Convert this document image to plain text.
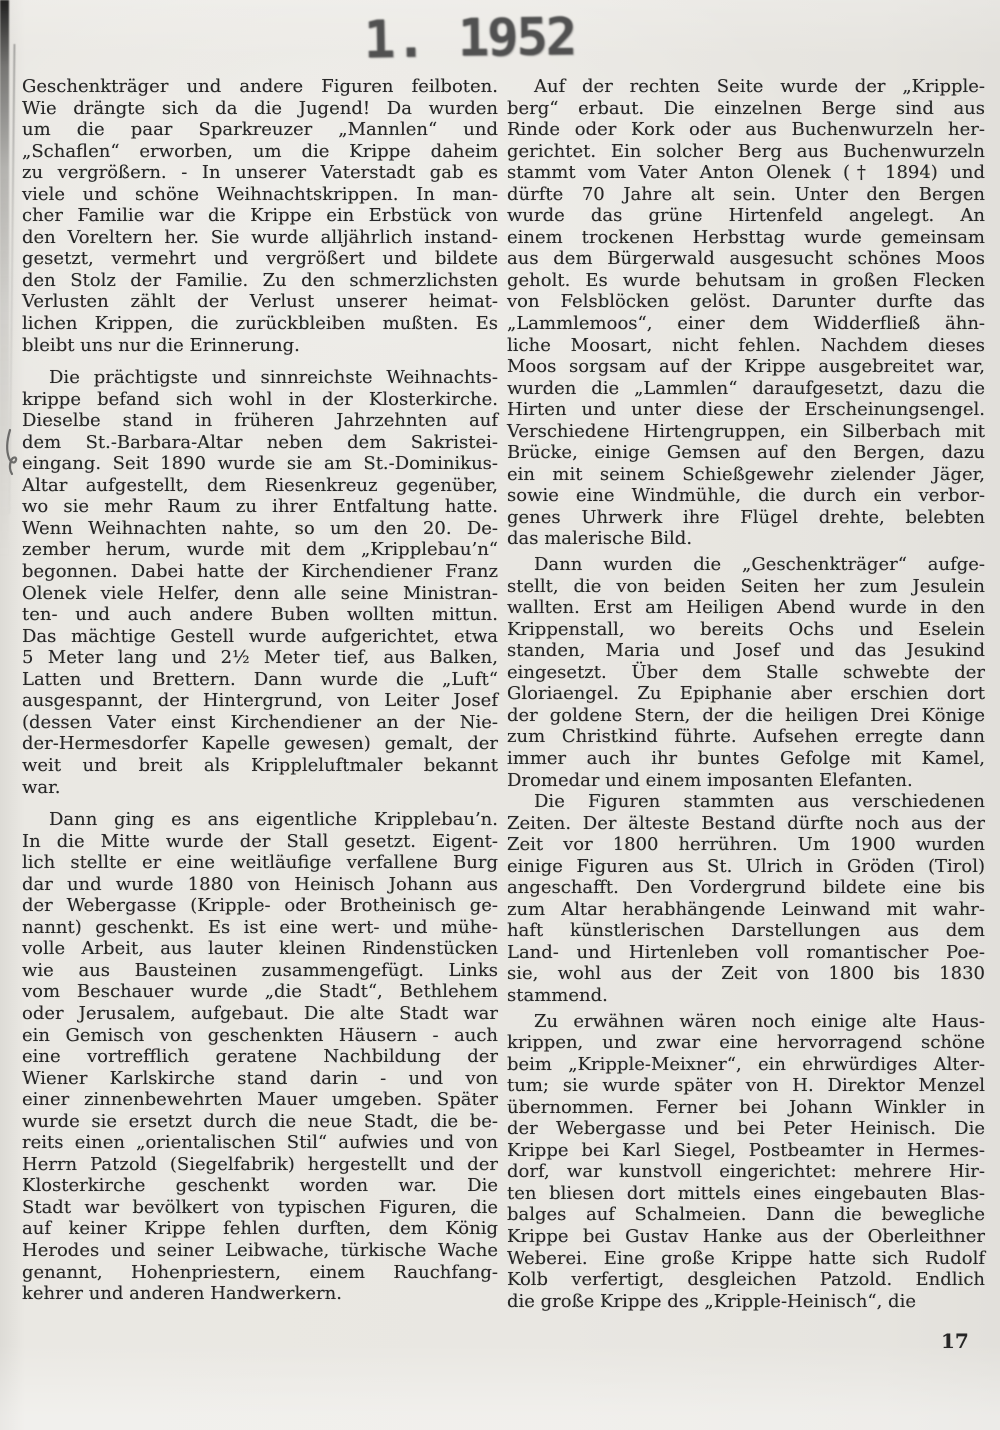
1. 1952
Geschenkträger und andere Figuren feilboten.
Wie drängte sich da die Jugend! Da wurden
um die paar Sparkreuzer „Mannlen“ und
„Schaflen“ erworben, um die Krippe daheim
zu vergrößern. - In unserer Vaterstadt gab es
viele und schöne Weihnachtskrippen. In man-
cher Familie war die Krippe ein Erbstück von
den Voreltern her. Sie wurde alljährlich instand-
gesetzt, vermehrt und vergrößert und bildete
den Stolz der Familie. Zu den schmerzlichsten
Verlusten zählt der Verlust unserer heimat-
lichen Krippen, die zurückbleiben mußten. Es
bleibt uns nur die Erinnerung.
Die prächtigste und sinnreichste Weihnachts-
krippe befand sich wohl in der Klosterkirche.
Dieselbe stand in früheren Jahrzehnten auf
dem St.-Barbara-Altar neben dem Sakristei-
eingang. Seit 1890 wurde sie am St.-Dominikus-
Altar aufgestellt, dem Riesenkreuz gegenüber,
wo sie mehr Raum zu ihrer Entfaltung hatte.
Wenn Weihnachten nahte, so um den 20. De-
zember herum, wurde mit dem „Kripplebau’n“
begonnen. Dabei hatte der Kirchendiener Franz
Olenek viele Helfer, denn alle seine Ministran-
ten- und auch andere Buben wollten mittun.
Das mächtige Gestell wurde aufgerichtet, etwa
5 Meter lang und 2½ Meter tief, aus Balken,
Latten und Brettern. Dann wurde die „Luft“
ausgespannt, der Hintergrund, von Leiter Josef
(dessen Vater einst Kirchendiener an der Nie-
der-Hermesdorfer Kapelle gewesen) gemalt, der
weit und breit als Krippleluftmaler bekannt
war.
Dann ging es ans eigentliche Kripplebau’n.
In die Mitte wurde der Stall gesetzt. Eigent-
lich stellte er eine weitläufige verfallene Burg
dar und wurde 1880 von Heinisch Johann aus
der Webergasse (Kripple- oder Brotheinisch ge-
nannt) geschenkt. Es ist eine wert- und mühe-
volle Arbeit, aus lauter kleinen Rindenstücken
wie aus Bausteinen zusammengefügt. Links
vom Beschauer wurde „die Stadt“, Bethlehem
oder Jerusalem, aufgebaut. Die alte Stadt war
ein Gemisch von geschenkten Häusern - auch
eine vortrefflich geratene Nachbildung der
Wiener Karlskirche stand darin - und von
einer zinnenbewehrten Mauer umgeben. Später
wurde sie ersetzt durch die neue Stadt, die be-
reits einen „orientalischen Stil“ aufwies und von
Herrn Patzold (Siegelfabrik) hergestellt und der
Klosterkirche geschenkt worden war. Die
Stadt war bevölkert von typischen Figuren, die
auf keiner Krippe fehlen durften, dem König
Herodes und seiner Leibwache, türkische Wache
genannt, Hohenpriestern, einem Rauchfang-
kehrer und anderen Handwerkern.
Auf der rechten Seite wurde der „Kripple-
berg“ erbaut. Die einzelnen Berge sind aus
Rinde oder Kork oder aus Buchenwurzeln her-
gerichtet. Ein solcher Berg aus Buchenwurzeln
stammt vom Vater Anton Olenek († 1894) und
dürfte 70 Jahre alt sein. Unter den Bergen
wurde das grüne Hirtenfeld angelegt. An
einem trockenen Herbsttag wurde gemeinsam
aus dem Bürgerwald ausgesucht schönes Moos
geholt. Es wurde behutsam in großen Flecken
von Felsblöcken gelöst. Darunter durfte das
„Lammlemoos“, einer dem Widderfließ ähn-
liche Moosart, nicht fehlen. Nachdem dieses
Moos sorgsam auf der Krippe ausgebreitet war,
wurden die „Lammlen“ daraufgesetzt, dazu die
Hirten und unter diese der Erscheinungsengel.
Verschiedene Hirtengruppen, ein Silberbach mit
Brücke, einige Gemsen auf den Bergen, dazu
ein mit seinem Schießgewehr zielender Jäger,
sowie eine Windmühle, die durch ein verbor-
genes Uhrwerk ihre Flügel drehte, belebten
das malerische Bild.
Dann wurden die „Geschenkträger“ aufge-
stellt, die von beiden Seiten her zum Jesulein
wallten. Erst am Heiligen Abend wurde in den
Krippenstall, wo bereits Ochs und Eselein
standen, Maria und Josef und das Jesukind
eingesetzt. Über dem Stalle schwebte der
Gloriaengel. Zu Epiphanie aber erschien dort
der goldene Stern, der die heiligen Drei Könige
zum Christkind führte. Aufsehen erregte dann
immer auch ihr buntes Gefolge mit Kamel,
Dromedar und einem imposanten Elefanten.
Die Figuren stammten aus verschiedenen
Zeiten. Der älteste Bestand dürfte noch aus der
Zeit vor 1800 herrühren. Um 1900 wurden
einige Figuren aus St. Ulrich in Gröden (Tirol)
angeschafft. Den Vordergrund bildete eine bis
zum Altar herabhängende Leinwand mit wahr-
haft künstlerischen Darstellungen aus dem
Land- und Hirtenleben voll romantischer Poe-
sie, wohl aus der Zeit von 1800 bis 1830
stammend.
Zu erwähnen wären noch einige alte Haus-
krippen, und zwar eine hervorragend schöne
beim „Kripple-Meixner“, ein ehrwürdiges Alter-
tum; sie wurde später von H. Direktor Menzel
übernommen. Ferner bei Johann Winkler in
der Webergasse und bei Peter Heinisch. Die
Krippe bei Karl Siegel, Postbeamter in Hermes-
dorf, war kunstvoll eingerichtet: mehrere Hir-
ten bliesen dort mittels eines eingebauten Blas-
balges auf Schalmeien. Dann die bewegliche
Krippe bei Gustav Hanke aus der Oberleithner
Weberei. Eine große Krippe hatte sich Rudolf
Kolb verfertigt, desgleichen Patzold. Endlich
die große Krippe des „Kripple-Heinisch“, die
17
